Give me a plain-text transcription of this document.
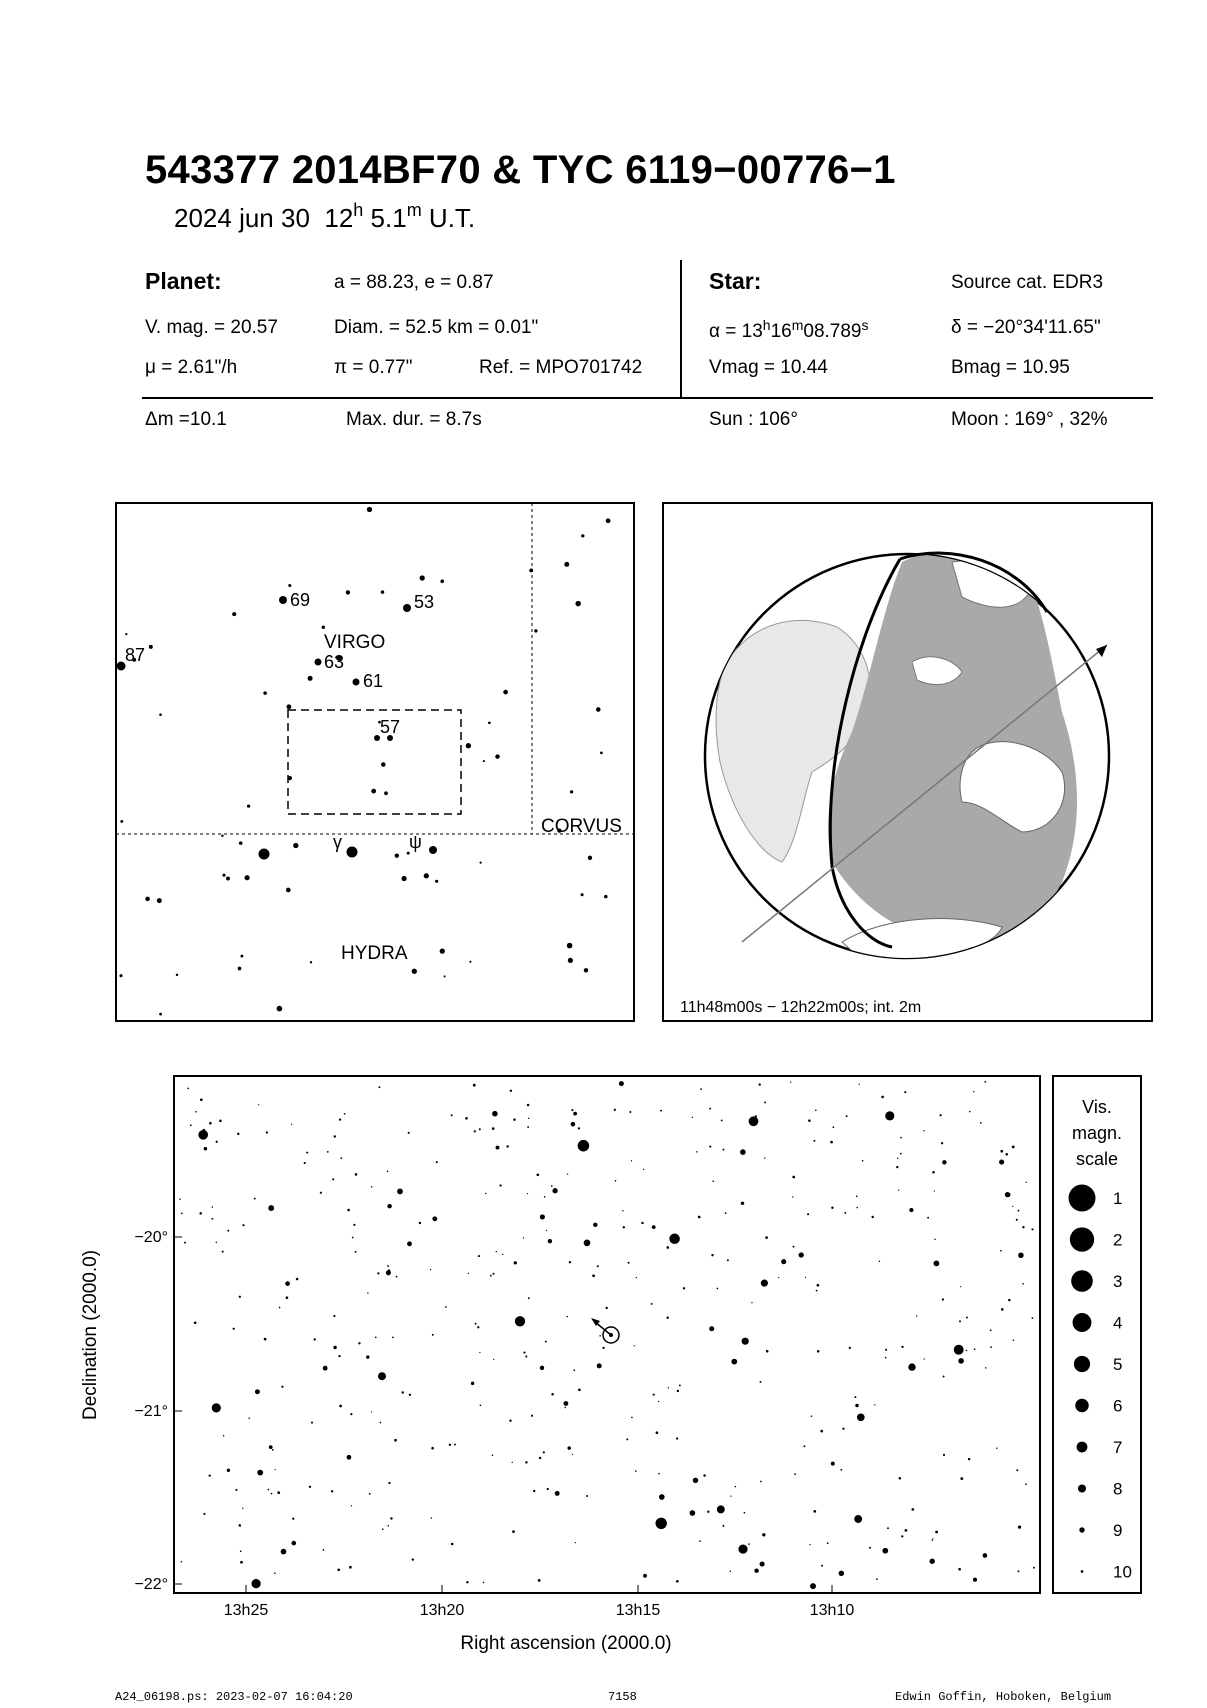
543377 2014BF70 & TYC 6119−00776−1
2024 jun 30 12$^h$ 5.1$^m$ U.T.
Planet:	a = 88.23, e = 0.87
V. mag. = 20.57	Diam. = 52.5 km = 0.01"
μ = 2.61"/h	π = 0.77"	Ref. = MPO701742
Star:	Source cat. EDR3
$\alpha = 13^h16^m08.789^s$	δ = −20°34'11.65"
Vmag = 10.44	Bmag = 10.95
Δm =10.1	Max. dur. = 8.7s	Sun : 106°	Moon : 169° , 32%
VIRGO
CORVUS
HYDRA
69	53
87	63
61
57
γ	ψ
11h48m00s − 12h22m00s; int. 2m
13h25	13h20	13h15	13h10
Right ascension (2000.0)
−20°
−21°
−22°
Declination (2000.0)
Vis.
magn.
scale
1
2
3
4
5
6
7
8
9
10
A24_06198.ps: 2023-02-07 16:04:20	7158	Edwin Goffin, Hoboken, Belgium
